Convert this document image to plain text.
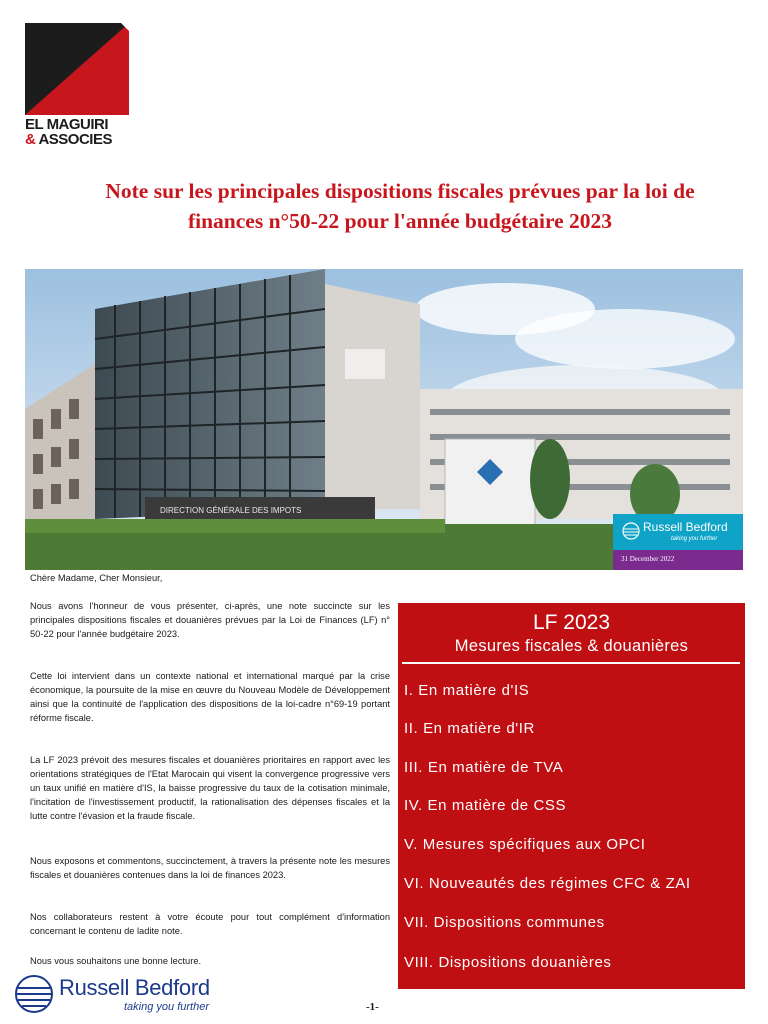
EL MAGUIRI
& ASSOCIES
Note sur les principales dispositions fiscales prévues par la loi de
finances n°50-22 pour l'année budgétaire 2023
DIRECTION GÉNÉRALE DES IMPOTS
Russell Bedford
taking you further
31 December 2022

Chère Madame, Cher Monsieur,

Nous avons l'honneur de vous présenter, ci-après, une note succincte sur les principales dispositions fiscales et douanières prévues par la Loi de Finances (LF) n° 50-22 pour l'année budgétaire 2023.

Cette loi intervient dans un contexte national et international marqué par la crise économique, la poursuite de la mise en œuvre du Nouveau Modèle de Développement ainsi que la continuité de l'application des dispositions de la loi-cadre n°69-19 portant réforme fiscale.

La LF 2023 prévoit des mesures fiscales et douanières prioritaires en rapport avec les orientations stratégiques de l'Etat Marocain qui visent la convergence progressive vers un taux unifié en matière d'IS, la baisse progressive du taux de la cotisation minimale, l'incitation de l'investissement productif, la rationalisation des dépenses fiscales et la lutte contre l'évasion et la fraude fiscale.

Nous exposons et commentons, succinctement, à travers la présente note les mesures fiscales et douanières contenues dans la loi de finances 2023.

Nos collaborateurs restent à votre écoute pour tout complément d'information concernant le contenu de ladite note.

Nous vous souhaitons une bonne lecture.

LF 2023
Mesures fiscales & douanières
I. En matière d'IS
II. En matière d'IR
III. En matière de TVA
IV. En matière de CSS
V. Mesures spécifiques aux OPCI
VI. Nouveautés des régimes CFC & ZAI
VII. Dispositions communes
VIII. Dispositions douanières
Russell Bedford
taking you further	-1-
